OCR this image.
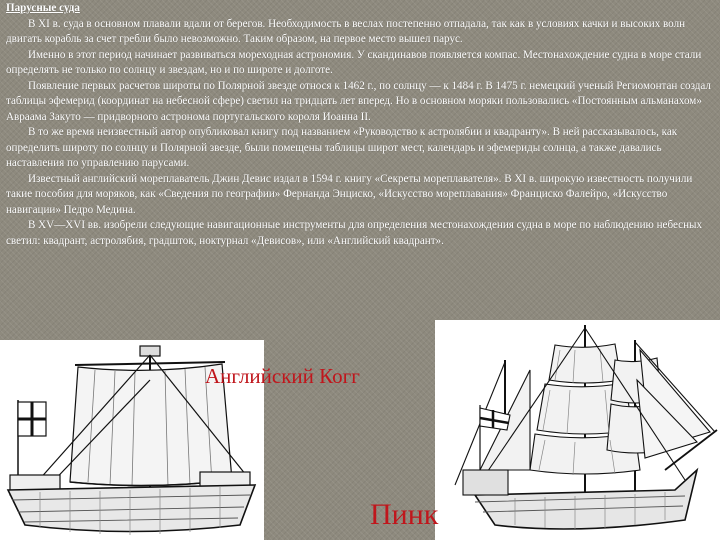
Парусные суда
В XI в. суда в основном плавали вдали от берегов. Необходимость в веслах постепенно отпадала, так как в условиях качки и высоких волн двигать корабль за счет гребли было невозможно. Таким образом, на первое место вышел парус.
Именно в этот период начинает развиваться мореходная астрономия. У скандинавов появляется компас. Местонахождение судна в море стали определять не только по солнцу и звездам, но и по широте и долготе.
Появление первых расчетов широты по Полярной звезде относя к 1462 г., по солнцу — к 1484 г. В 1475 г. немецкий ученый Региомонтан создал таблицы эфемерид (координат на небесной сфере) светил на тридцать лет вперед. Но в основном моряки пользовались «Постоянным альманахом» Авраама Закуто — придворного астронома португальского короля Иоанна II.
В то же время неизвестный автор опубликовал книгу под названием «Руководство к астролябии и квадранту». В ней рассказывалось, как определить широту по солнцу и Полярной звезде, были помещены таблицы широт мест, календарь и эфемериды солнца, а также давались наставления по управлению парусами.
Известный английский мореплаватель Джин Девис издал в 1594 г. книгу «Секреты мореплавателя». В XI в. широкую известность получили такие пособия для моряков, как «Сведения по географии» Фернанда Энциско, «Искусство мореплавания» Франциско Фалейро, «Искусство навигации» Педро Медина.
В XV—XVI вв. изобрели следующие навигационные инструменты для определения местонахождения судна в море по наблюдению небесных светил: квадрант, астролябия, градшток, ноктурнал «Девисов», или «Английский квадрант».
Английский Когг
Пинк
